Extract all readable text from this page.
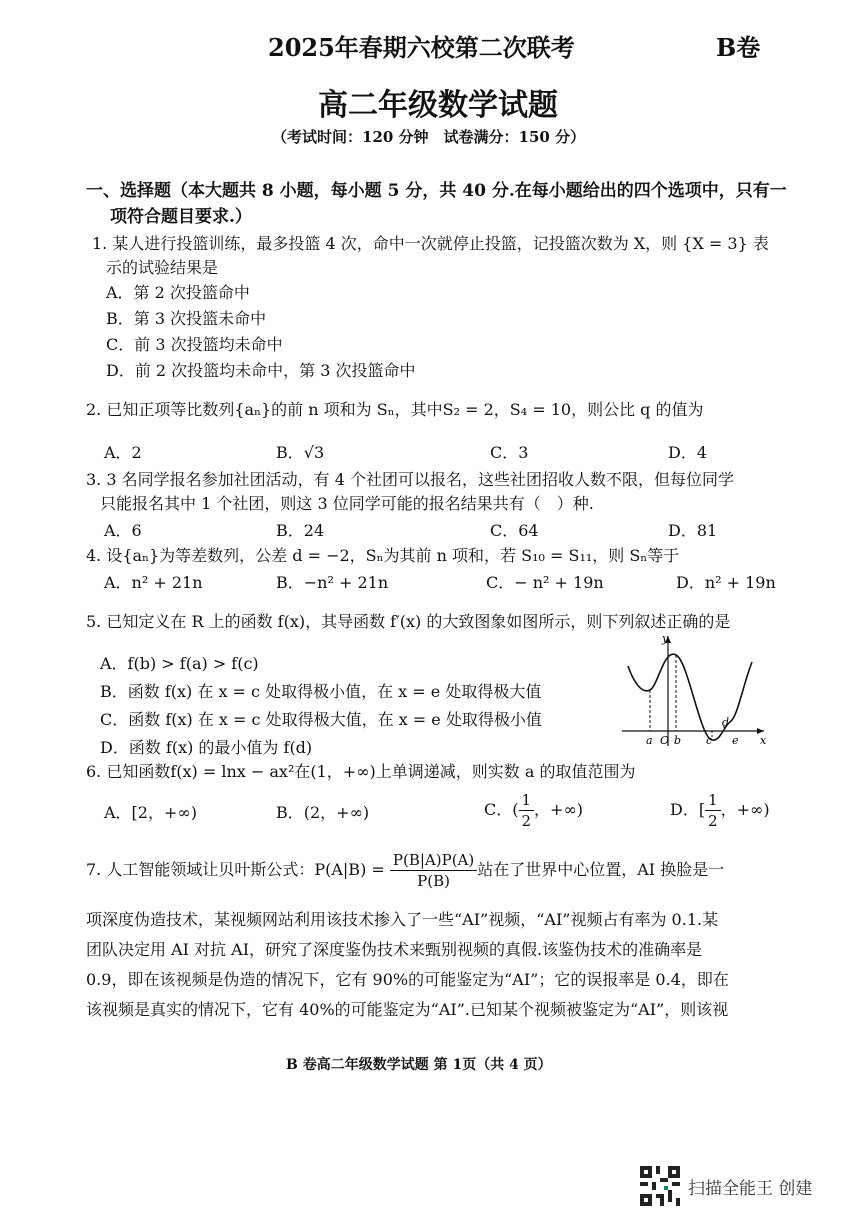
2025年春期六校第二次联考	B卷
高二年级数学试题
（考试时间：120 分钟　试卷满分：150 分）
一、选择题（本大题共 8 小题，每小题 5 分，共 40 分.在每小题给出的四个选项中，只有一
项符合题目要求.）
1. 某人进行投篮训练，最多投篮 4 次，命中一次就停止投篮，记投篮次数为 X，则 {X = 3} 表
示的试验结果是
A．第 2 次投篮命中
B．第 3 次投篮未命中
C．前 3 次投篮均未命中
D．前 2 次投篮均未命中，第 3 次投篮命中
2. 已知正项等比数列{aₙ}的前 n 项和为 Sₙ，其中S₂ = 2，S₄ = 10，则公比 q 的值为
A．2	B．√3	C．3	D．4
3. 3 名同学报名参加社团活动，有 4 个社团可以报名，这些社团招收人数不限，但每位同学
只能报名其中 1 个社团，则这 3 位同学可能的报名结果共有（　）种.
A．6	B．24	C．64	D．81
4. 设{aₙ}为等差数列，公差 d = −2，Sₙ为其前 n 项和，若 S₁₀ = S₁₁，则 Sₙ等于
A．n² + 21n	B．−n² + 21n	C．− n² + 19n	D．n² + 19n
5. 已知定义在 R 上的函数 f(x)，其导函数 f′(x) 的大致图象如图所示，则下列叙述正确的是
A．f(b) > f(a) > f(c)
B．函数 f(x) 在 x = c 处取得极小值，在 x = e 处取得极大值
C．函数 f(x) 在 x = c 处取得极大值，在 x = e 处取得极小值
D．函数 f(x) 的最小值为 f(d)
y
x
a O b c
d
e
6. 已知函数f(x) = lnx − ax²在(1，+∞)上单调递减，则实数 a 的取值范围为
A．[2，+∞)	B．(2，+∞)	C．( $\frac{1}{2}$ ，+∞)	D．[ $\frac{1}{2}$ ，+∞)
7. 人工智能领域让贝叶斯公式：$P(A|B) = \frac{P(B|A)P(A)}{P(B)}$ 站在了世界中心位置，AI 换脸是一
项深度伪造技术，某视频网站利用该技术掺入了一些“AI”视频，“AI”视频占有率为 0.1.某
团队决定用 AI 对抗 AI，研究了深度鉴伪技术来甄别视频的真假.该鉴伪技术的准确率是
0.9，即在该视频是伪造的情况下，它有 90%的可能鉴定为“AI”；它的误报率是 0.4，即在
该视频是真实的情况下，它有 40%的可能鉴定为“AI”.已知某个视频被鉴定为“AI”，则该视
B 卷高二年级数学试题 第 1页（共 4 页）
扫描全能王 创建
